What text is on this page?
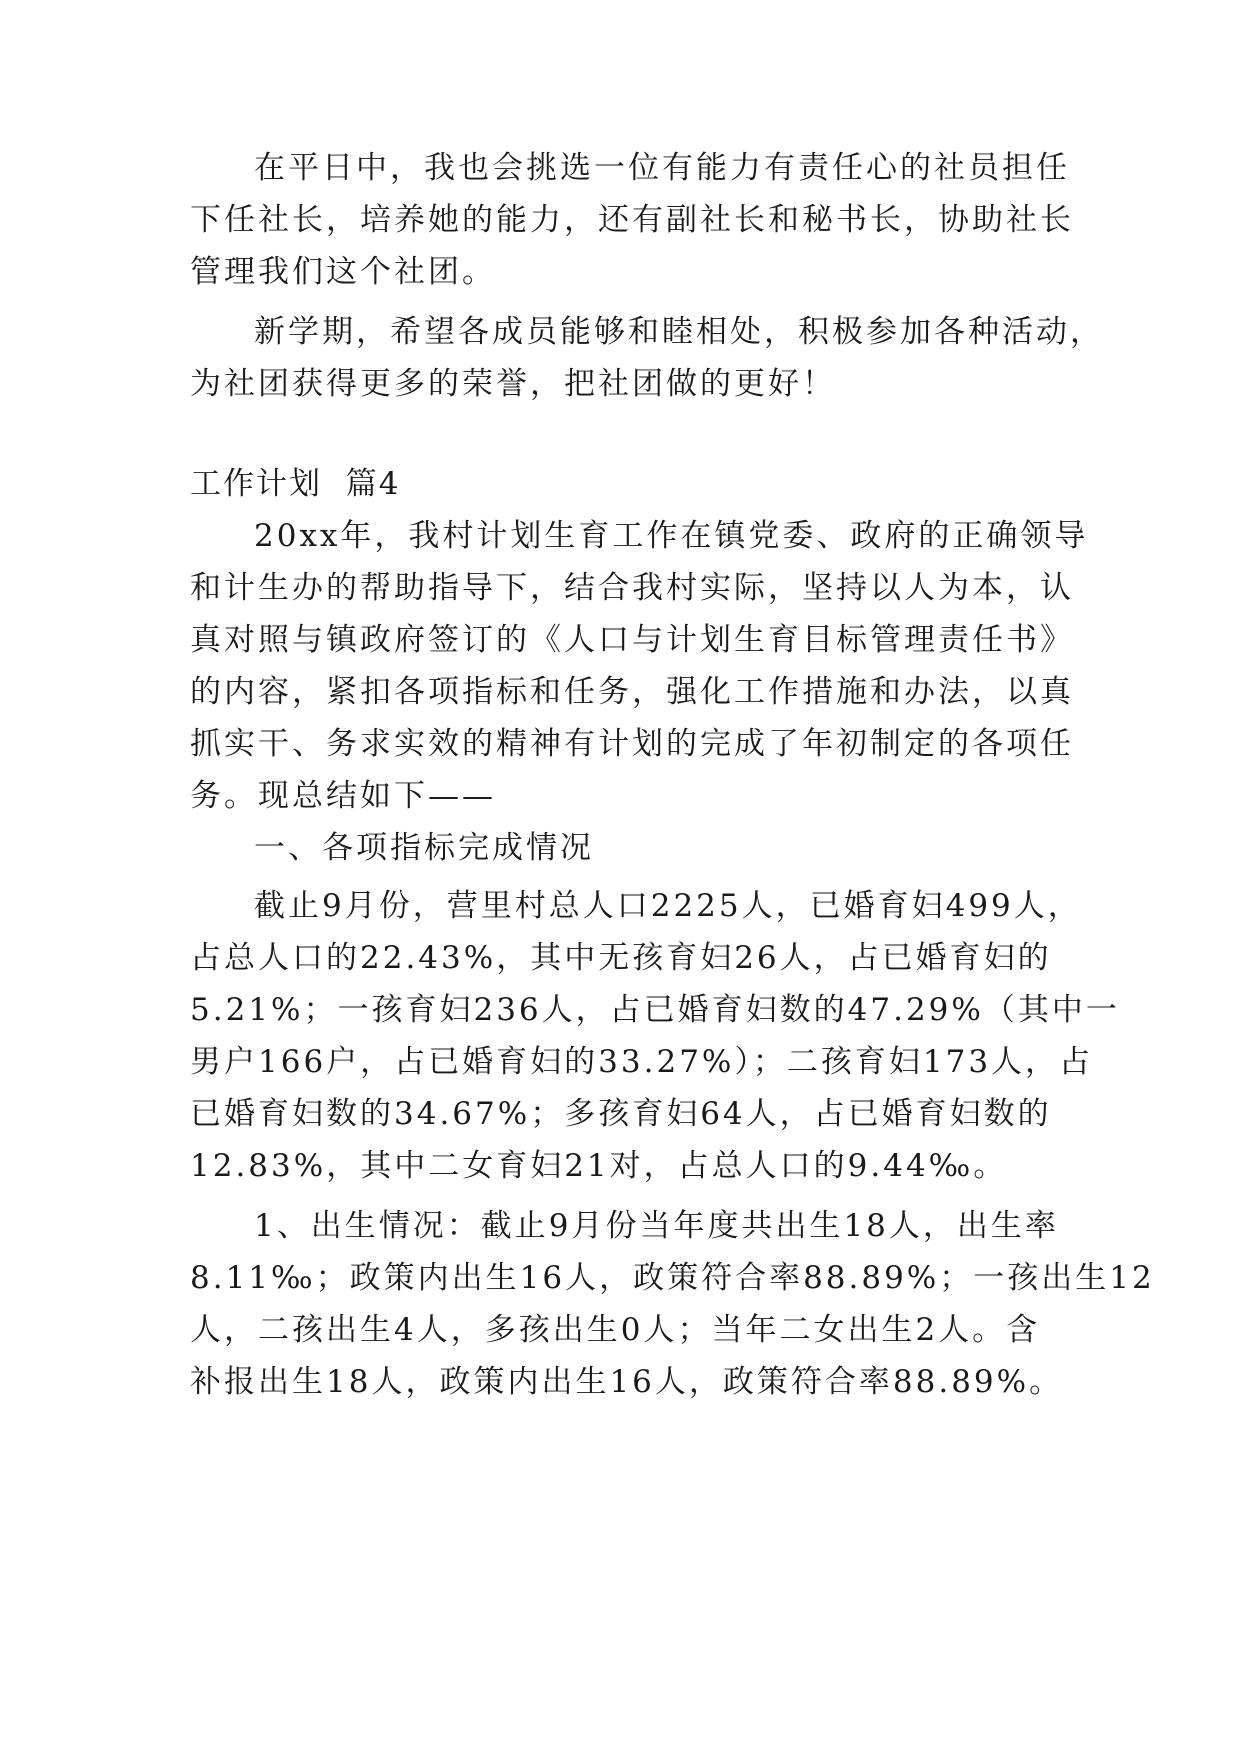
在平日中，我也会挑选一位有能力有责任心的社员担任
下任社长，培养她的能力，还有副社长和秘书长，协助社长
管理我们这个社团。
新学期，希望各成员能够和睦相处，积极参加各种活动，
为社团获得更多的荣誉，把社团做的更好！
工作计划  篇4
20xx年，我村计划生育工作在镇党委、政府的正确领导
和计生办的帮助指导下，结合我村实际，坚持以人为本，认
真对照与镇政府签订的《人口与计划生育目标管理责任书》
的内容，紧扣各项指标和任务，强化工作措施和办法，以真
抓实干、务求实效的精神有计划的完成了年初制定的各项任
务。现总结如下——
一、各项指标完成情况
截止9月份，营里村总人口2225人，已婚育妇499人，
占总人口的22.43%，其中无孩育妇26人，占已婚育妇的
5.21%；一孩育妇236人，占已婚育妇数的47.29%（其中一
男户166户，占已婚育妇的33.27%）；二孩育妇173人，占
已婚育妇数的34.67%；多孩育妇64人，占已婚育妇数的
12.83%，其中二女育妇21对，占总人口的9.44‰。
1、出生情况：截止9月份当年度共出生18人，出生率
8.11‰；政策内出生16人，政策符合率88.89%；一孩出生12
人，二孩出生4人，多孩出生0人；当年二女出生2人。含
补报出生18人，政策内出生16人，政策符合率88.89%。
